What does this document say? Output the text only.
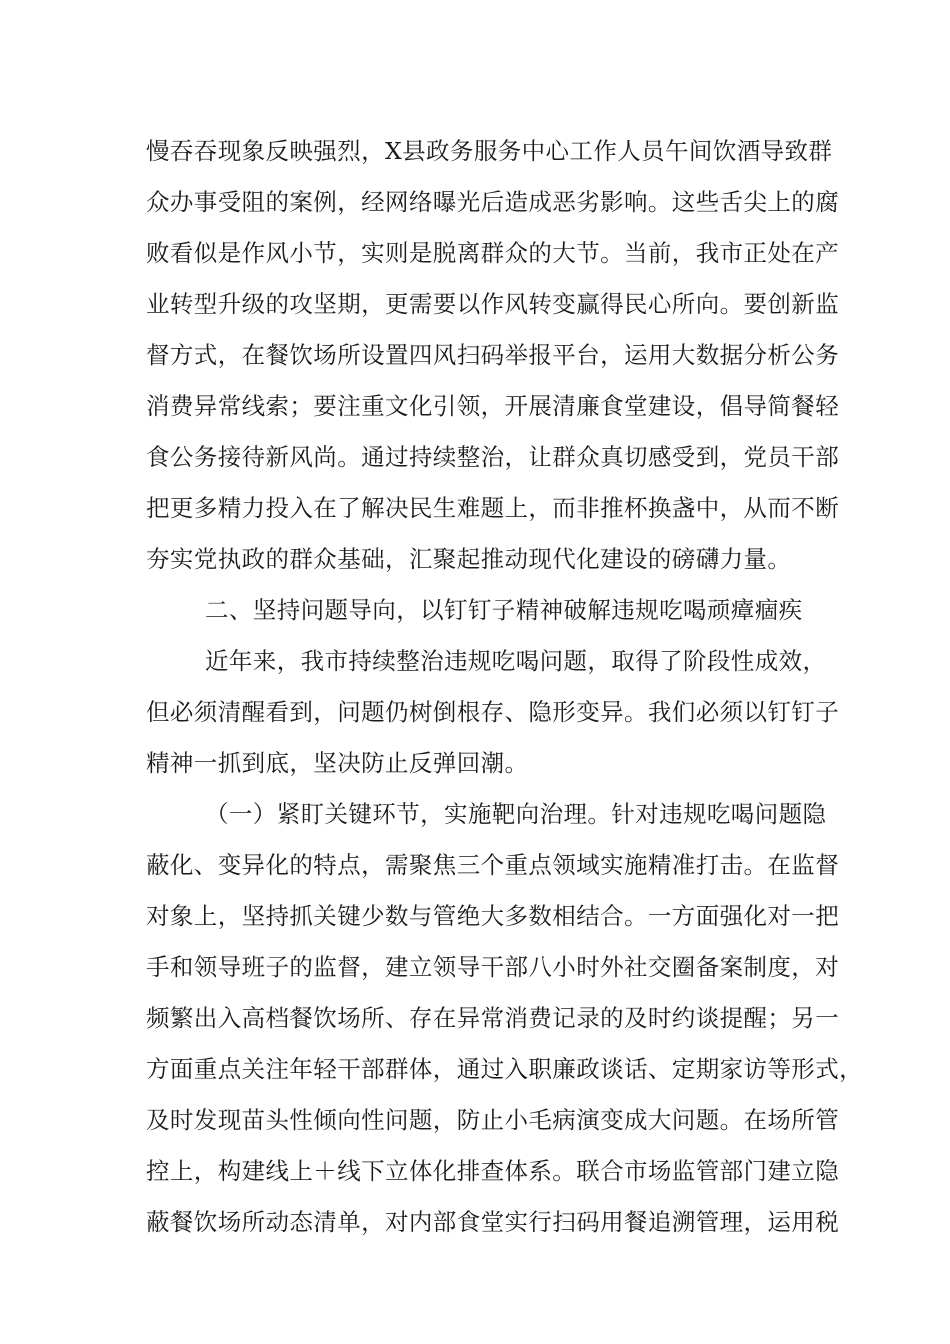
慢吞吞现象反映强烈，X县政务服务中心工作人员午间饮酒导致群
众办事受阻的案例，经网络曝光后造成恶劣影响。这些舌尖上的腐
败看似是作风小节，实则是脱离群众的大节。当前，我市正处在产
业转型升级的攻坚期，更需要以作风转变赢得民心所向。要创新监
督方式，在餐饮场所设置四风扫码举报平台，运用大数据分析公务
消费异常线索；要注重文化引领，开展清廉食堂建设，倡导简餐轻
食公务接待新风尚。通过持续整治，让群众真切感受到，党员干部
把更多精力投入在了解决民生难题上，而非推杯换盏中，从而不断
夯实党执政的群众基础，汇聚起推动现代化建设的磅礴力量。
二、坚持问题导向，以钉钉子精神破解违规吃喝顽瘴痼疾
近年来，我市持续整治违规吃喝问题，取得了阶段性成效，
但必须清醒看到，问题仍树倒根存、隐形变异。我们必须以钉钉子
精神一抓到底，坚决防止反弹回潮。
（一）紧盯关键环节，实施靶向治理。针对违规吃喝问题隐
蔽化、变异化的特点，需聚焦三个重点领域实施精准打击。在监督
对象上，坚持抓关键少数与管绝大多数相结合。一方面强化对一把
手和领导班子的监督，建立领导干部八小时外社交圈备案制度，对
频繁出入高档餐饮场所、存在异常消费记录的及时约谈提醒；另一
方面重点关注年轻干部群体，通过入职廉政谈话、定期家访等形式，
及时发现苗头性倾向性问题，防止小毛病演变成大问题。在场所管
控上，构建线上＋线下立体化排查体系。联合市场监管部门建立隐
蔽餐饮场所动态清单，对内部食堂实行扫码用餐追溯管理，运用税
